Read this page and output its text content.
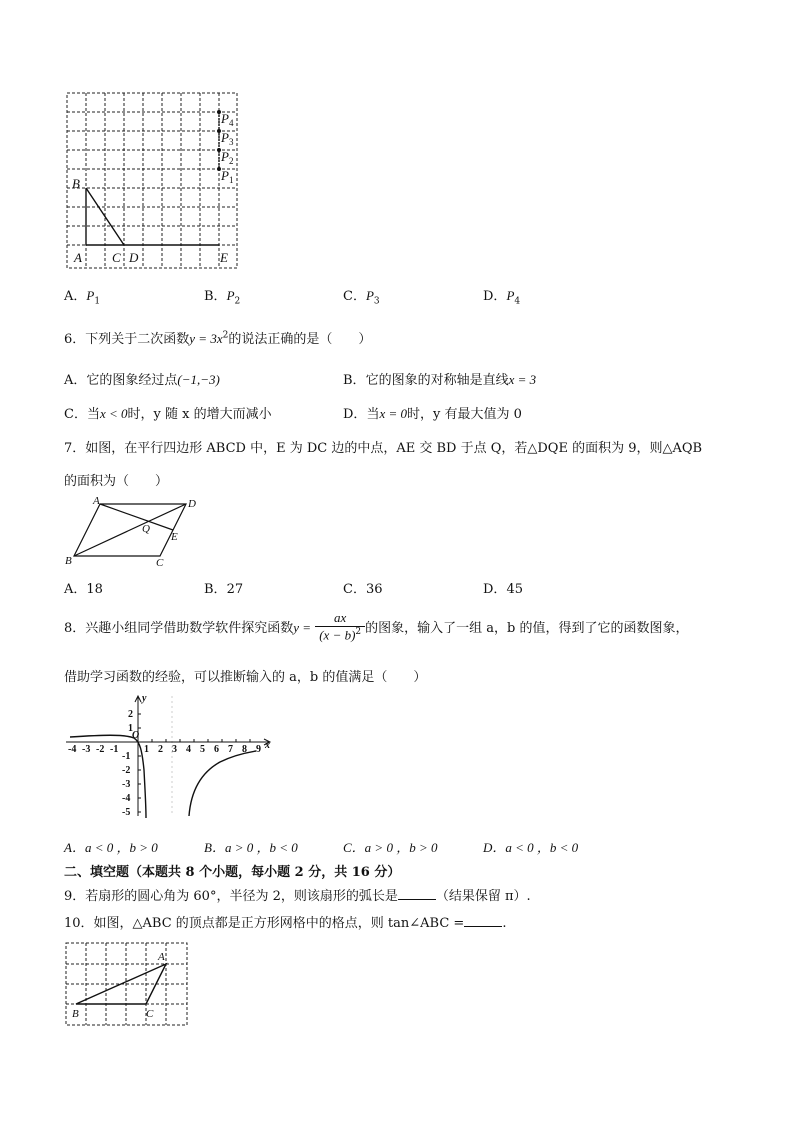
B
A C D	E
$P_4$
$P_3$
$P_2$
$P_1$
A．$P_1$	B．$P_2$	C．$P_3$	D．$P_4$
6．下列关于二次函数$y = 3x^2$的说法正确的是（　　）
A．它的图象经过点(−1,−3)	B．它的图象的对称轴是直线x = 3
C．当x < 0时，y 随 x 的增大而减小	D．当x = 0时，y 有最大值为 0
7．如图，在平行四边形 ABCD 中，E 为 DC 边的中点，AE 交 BD 于点 Q，若△DQE 的面积为 9，则△AQB
的面积为（　　）
A	D
B	C
Q
E
A．18	B．27	C．36	D．45
8．兴趣小组同学借助数学软件探究函数$y = \frac{ax}{(x - b)^2}$ 的图象，输入了一组 a，b 的值，得到了它的函数图象，
借助学习函数的经验，可以推断输入的 a，b 的值满足（　　）
y
x
O
-4 -3 -2 -1	1 2 3 4 5 6 7 8 9
2
1
-1
-2
-3
-4
-5
A．a < 0 ，b > 0	B．a > 0 ，b < 0	C．a > 0 ，b > 0	D．a < 0 ，b < 0
二、填空题（本题共 8 个小题，每小题 2 分，共 16 分）
9．若扇形的圆心角为 60°，半径为 2，则该扇形的弧长是	（结果保留 π）.
10．如图，△ABC 的顶点都是正方形网格中的格点，则 tan∠ABC =	.
A
B	C
